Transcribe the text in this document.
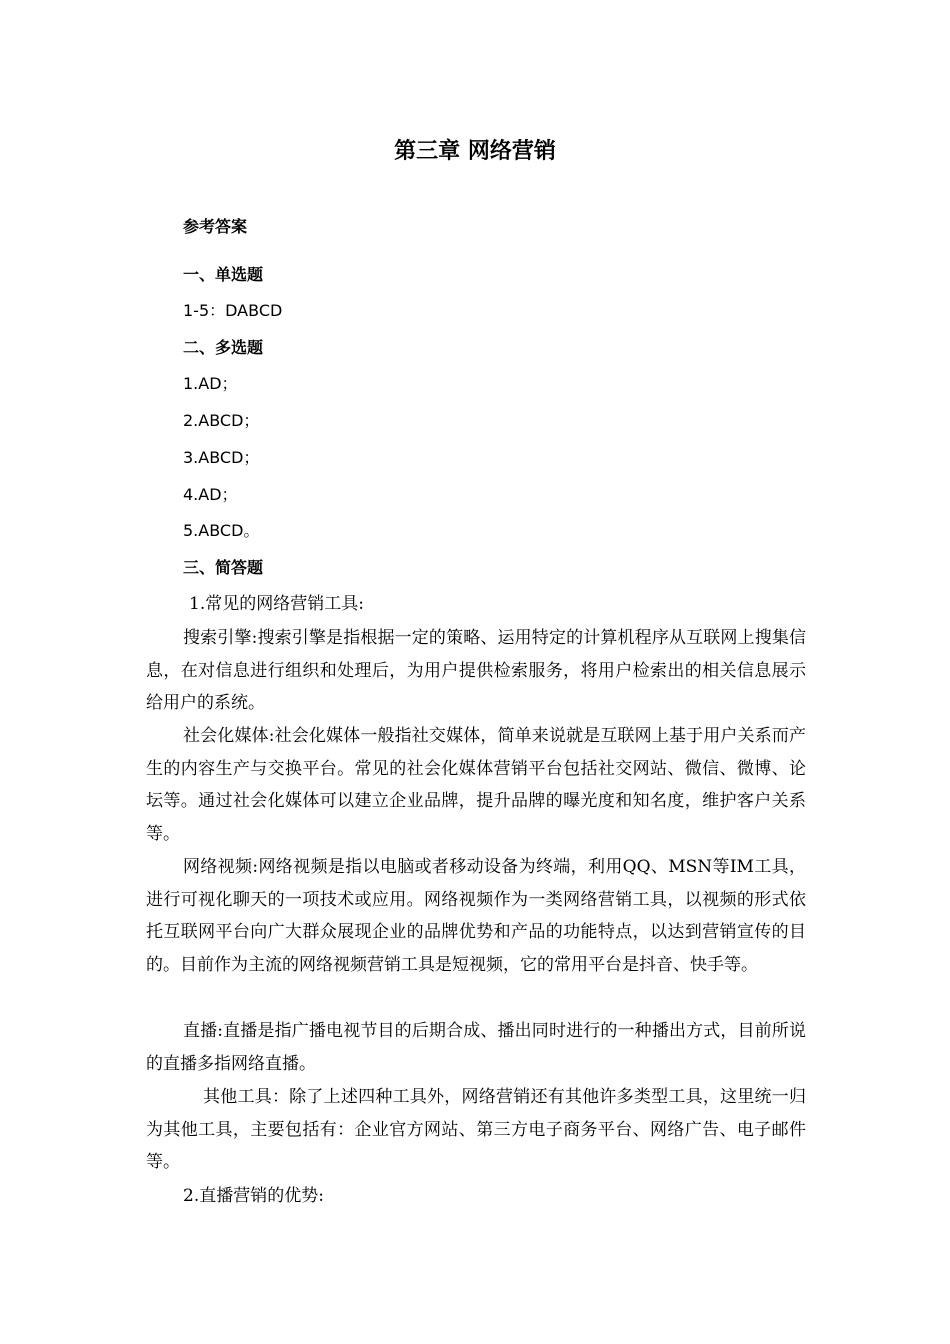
第三章 网络营销
参考答案
一、单选题
1-5：DABCD
二、多选题
1.AD；
2.ABCD；
3.ABCD；
4.AD；
5.ABCD。
三、简答题
1.常见的网络营销工具:

搜索引擎:搜索引擎是指根据一定的策略、运用特定的计算机程序从互联网上搜集信息，在对信息进行组织和处理后，为用户提供检索服务，将用户检索出的相关信息展示给用户的系统。

社会化媒体:社会化媒体一般指社交媒体，简单来说就是互联网上基于用户关系而产生的内容生产与交换平台。常见的社会化媒体营销平台包括社交网站、微信、微博、论坛等。通过社会化媒体可以建立企业品牌，提升品牌的曝光度和知名度，维护客户关系等。

网络视频:网络视频是指以电脑或者移动设备为终端，利用QQ、MSN等IM工具，进行可视化聊天的一项技术或应用。网络视频作为一类网络营销工具，以视频的形式依托互联网平台向广大群众展现企业的品牌优势和产品的功能特点，以达到营销宣传的目的。目前作为主流的网络视频营销工具是短视频，它的常用平台是抖音、快手等。

直播:直播是指广播电视节目的后期合成、播出同时进行的一种播出方式，目前所说的直播多指网络直播。

其他工具：除了上述四种工具外，网络营销还有其他许多类型工具，这里统一归为其他工具，主要包括有：企业官方网站、第三方电子商务平台、网络广告、电子邮件等。

2.直播营销的优势:
